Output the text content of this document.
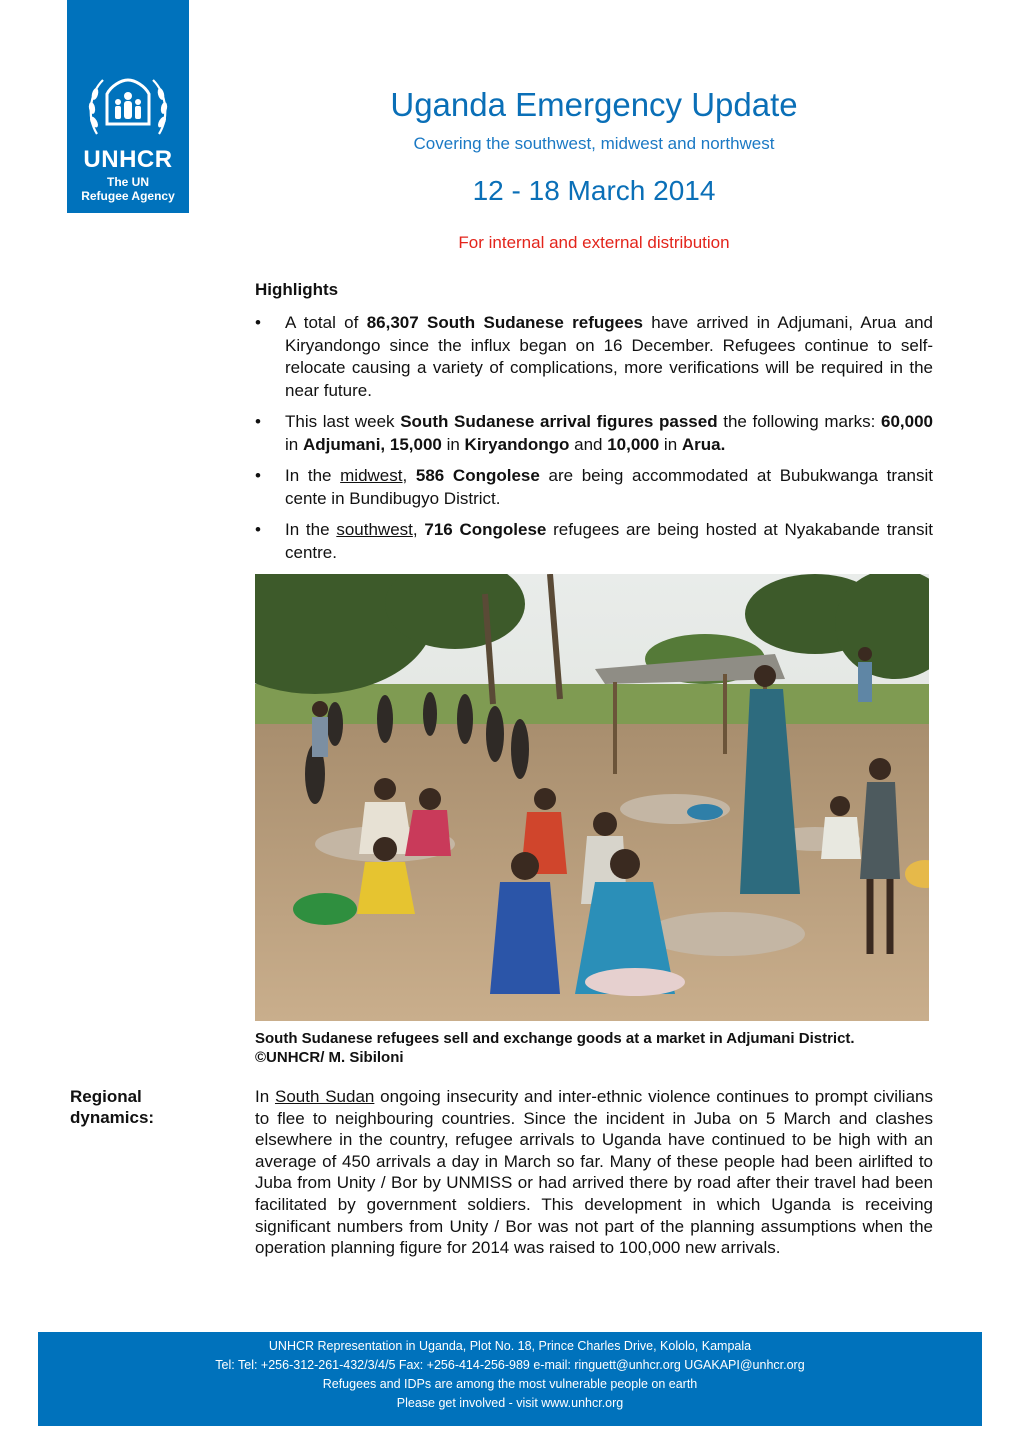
UNHCR
The UN
Refugee Agency
Uganda Emergency Update
Covering the southwest, midwest and northwest
12 - 18 March 2014
For internal and external distribution
Highlights
• A total of 86,307 South Sudanese refugees have arrived in Adjumani, Arua and Kiryandongo since the influx began on 16 December. Refugees continue to self-relocate causing a variety of complications, more verifications will be required in the near future.
• This last week South Sudanese arrival figures passed the following marks: 60,000 in Adjumani, 15,000 in Kiryandongo and 10,000 in Arua.
• In the midwest, 586 Congolese are being accommodated at Bubukwanga transit cente in Bundibugyo District.
• In the southwest, 716 Congolese refugees are being hosted at Nyakabande transit centre.
South Sudanese refugees sell and exchange goods at a market in Adjumani District.
©UNHCR/ M. Sibiloni
Regional
dynamics:
In South Sudan ongoing insecurity and inter-ethnic violence continues to prompt civilians to flee to neighbouring countries. Since the incident in Juba on 5 March and clashes elsewhere in the country, refugee arrivals to Uganda have continued to be high with an average of 450 arrivals a day in March so far. Many of these people had been airlifted to Juba from Unity / Bor by UNMISS or had arrived there by road after their travel had been facilitated by government soldiers. This development in which Uganda is receiving significant numbers from Unity / Bor was not part of the planning assumptions when the operation planning figure for 2014 was raised to 100,000 new arrivals.
UNHCR Representation in Uganda, Plot No. 18, Prince Charles Drive, Kololo, Kampala
Tel: Tel: +256-312-261-432/3/4/5 Fax: +256-414-256-989 e-mail: ringuett@unhcr.org UGAKAPI@unhcr.org
Refugees and IDPs are among the most vulnerable people on earth
Please get involved - visit www.unhcr.org
